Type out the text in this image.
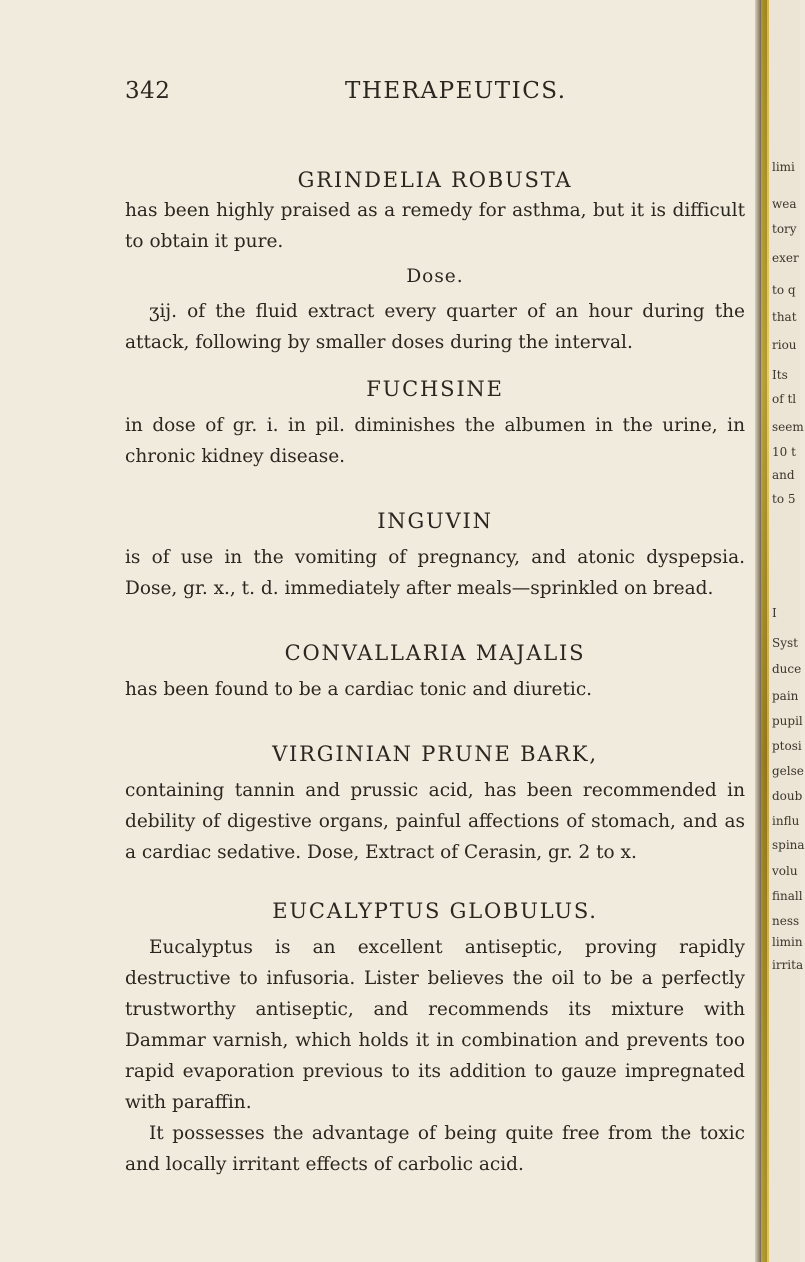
342	THERAPEUTICS.

GRINDELIA ROBUSTA

has been highly praised as a remedy for asthma, but it is difficult to obtain it pure.

Dose.

ʒij. of the fluid extract every quarter of an hour during the attack, following by smaller doses during the interval.

FUCHSINE

in dose of gr. i. in pil. diminishes the albumen in the urine, in chronic kidney disease.

INGUVIN

is of use in the vomiting of pregnancy, and atonic dyspepsia. Dose, gr. x., t. d. immediately after meals—sprinkled on bread.

CONVALLARIA MAJALIS

has been found to be a cardiac tonic and diuretic.

VIRGINIAN PRUNE BARK,

containing tannin and prussic acid, has been recommended in debility of digestive organs, painful affections of stomach, and as a cardiac sedative. Dose, Extract of Cerasin, gr. 2 to x.

EUCALYPTUS GLOBULUS.

Eucalyptus is an excellent antiseptic, proving rapidly destructive to infusoria. Lister believes the oil to be a perfectly trustworthy antiseptic, and recommends its mixture with Dammar varnish, which holds it in combination and prevents too rapid evaporation previous to its addition to gauze impregnated with paraffin.

It possesses the advantage of being quite free from the toxic and locally irritant effects of carbolic acid.

limi
wea
tory
exer
to q
that
riou
Its
of tl
seem
10 t
and
to 5
I
Syst
duce
pain
pupil
ptosi
gelse
doub
influ
spina
volu
finall
ness
limin
irrita
